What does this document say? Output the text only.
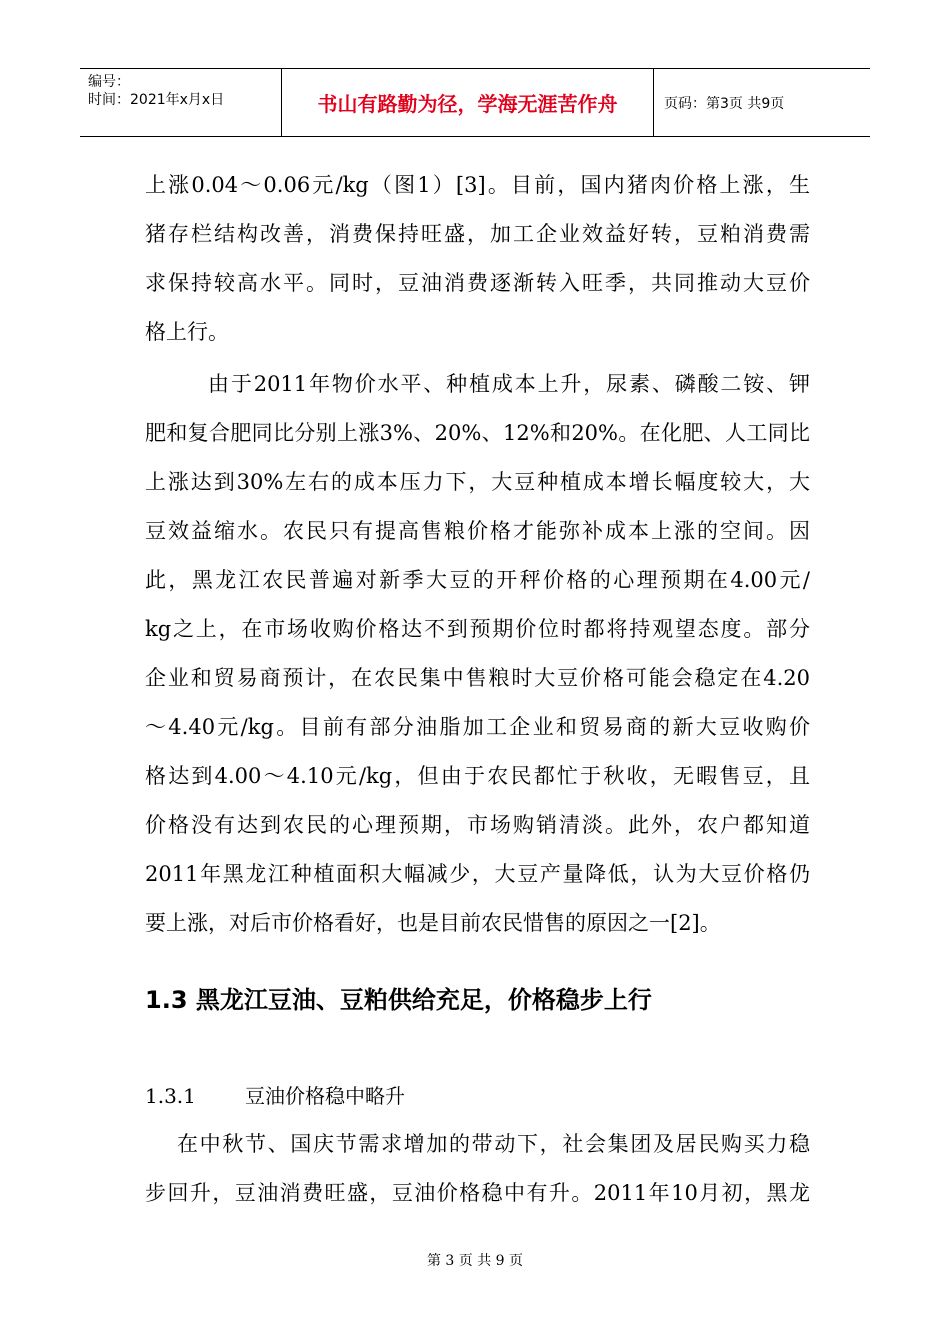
编号：
时间：2021年x月x日	书山有路勤为径，学海无涯苦作舟	页码：第3页 共9页
上涨0.04～0.06元/kg（图1）[3]。目前，国内猪肉价格上涨，生
猪存栏结构改善，消费保持旺盛，加工企业效益好转，豆粕消费需
求保持较高水平。同时，豆油消费逐渐转入旺季，共同推动大豆价
格上行。
由于2011年物价水平、种植成本上升，尿素、磷酸二铵、钾
肥和复合肥同比分别上涨3%、20%、12%和20%。在化肥、人工同比
上涨达到30%左右的成本压力下，大豆种植成本增长幅度较大，大
豆效益缩水。农民只有提高售粮价格才能弥补成本上涨的空间。因
此，黑龙江农民普遍对新季大豆的开秤价格的心理预期在4.00元/
kg之上，在市场收购价格达不到预期价位时都将持观望态度。部分
企业和贸易商预计，在农民集中售粮时大豆价格可能会稳定在4.20
～4.40元/kg。目前有部分油脂加工企业和贸易商的新大豆收购价
格达到4.00～4.10元/kg，但由于农民都忙于秋收，无暇售豆，且
价格没有达到农民的心理预期，市场购销清淡。此外，农户都知道
2011年黑龙江种植面积大幅减少，大豆产量降低，认为大豆价格仍
要上涨，对后市价格看好，也是目前农民惜售的原因之一[2]。
1.3 黑龙江豆油、豆粕供给充足，价格稳步上行
1.3.1 豆油价格稳中略升
在中秋节、国庆节需求增加的带动下，社会集团及居民购买力稳
步回升，豆油消费旺盛，豆油价格稳中有升。2011年10月初，黑龙
第 3 页 共 9 页
